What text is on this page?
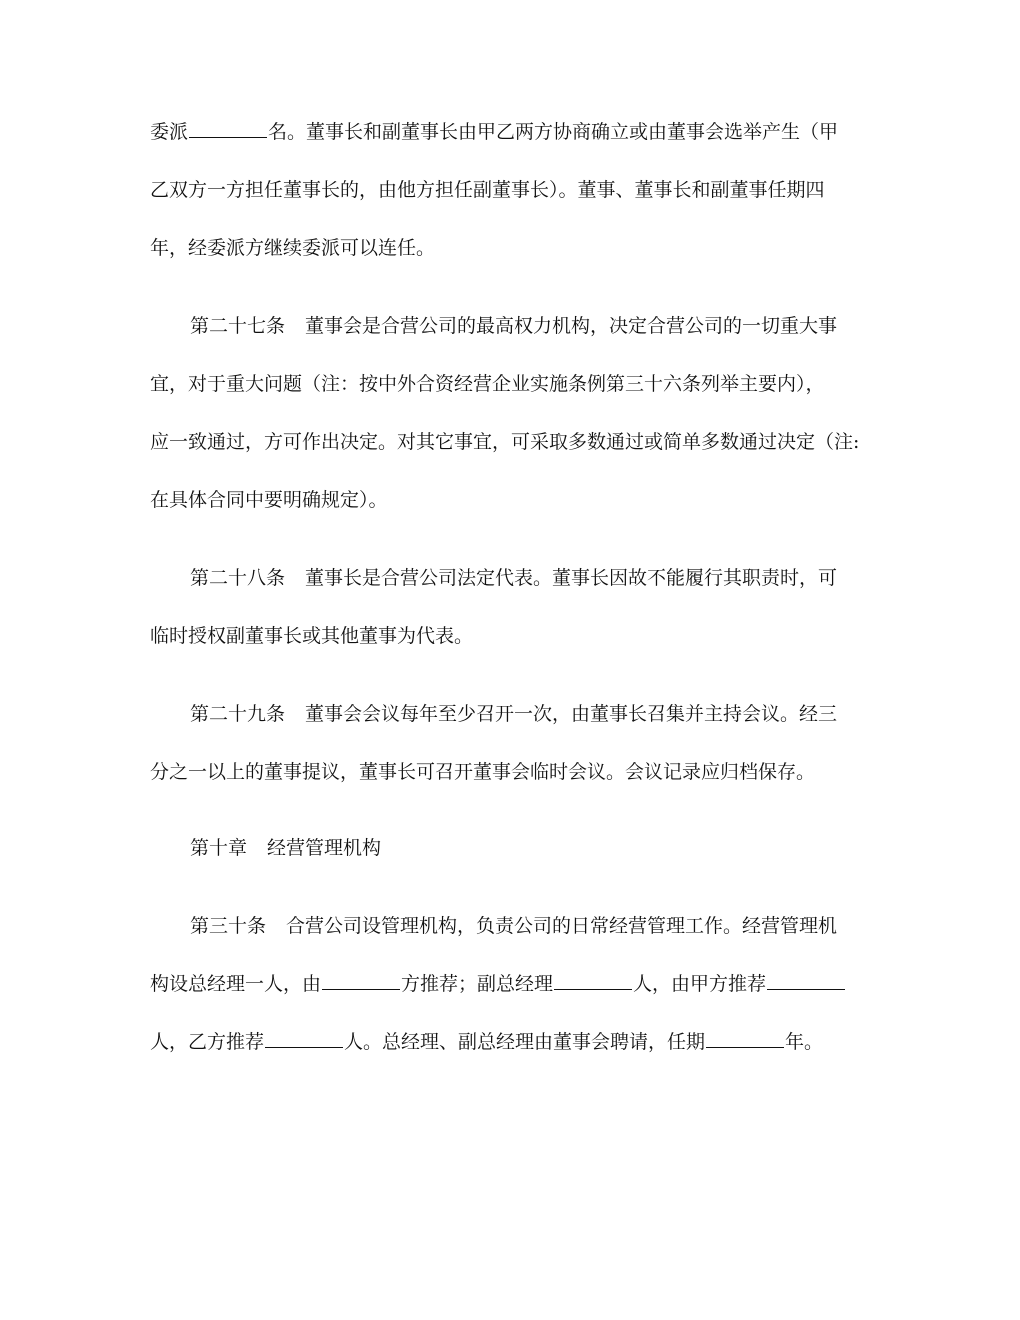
委派	名。董事长和副董事长由甲乙两方协商确立或由董事会选举产生（甲
乙双方一方担任董事长的，由他方担任副董事长）。董事、董事长和副董事任期四
年，经委派方继续委派可以连任。
第二十七条 董事会是合营公司的最高权力机构，决定合营公司的一切重大事
宜，对于重大问题（注：按中外合资经营企业实施条例第三十六条列举主要内），
应一致通过，方可作出决定。对其它事宜，可采取多数通过或简单多数通过决定（注:
在具体合同中要明确规定）。
第二十八条 董事长是合营公司法定代表。董事长因故不能履行其职责时，可
临时授权副董事长或其他董事为代表。
第二十九条 董事会会议每年至少召开一次，由董事长召集并主持会议。经三
分之一以上的董事提议，董事长可召开董事会临时会议。会议记录应归档保存。
第十章 经营管理机构
第三十条 合营公司设管理机构，负责公司的日常经营管理工作。经营管理机
构设总经理一人，由	方推荐；副总经理	人，由甲方推荐
人，乙方推荐	人。总经理、副总经理由董事会聘请，任期	年。
